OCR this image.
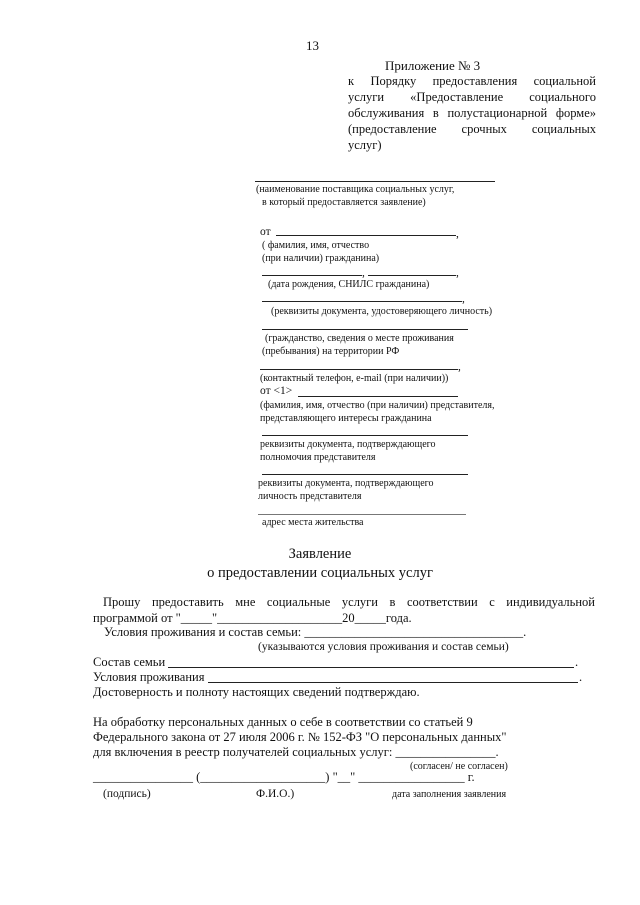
13
Приложение № 3
к Порядку предоставления социальной
услуги «Предоставление социального
обслуживания в полустационарной форме»
(предоставление срочных социальных
услуг)
(наименование поставщика социальных услуг,
в который предоставляется заявление)
от	,
( фамилия, имя, отчество
(при наличии) гражданина)
,	,
(дата рождения, СНИЛС гражданина)
,
(реквизиты документа, удостоверяющего личность)
(гражданство, сведения о месте проживания
(пребывания) на территории РФ
,
(контактный телефон, e-mail (при наличии))
от <1>
(фамилия, имя, отчество (при наличии) представителя,
представляющего интересы гражданина
реквизиты документа, подтверждающего
полномочия представителя
реквизиты документа, подтверждающего
личность представителя
адрес места жительства
Заявление
о предоставлении социальных услуг
Прошу предоставить мне социальные услуги в соответствии с индивидуальной
программой от "_____"____________________20_____года.
Условия проживания и состав семьи: ___________________________________.
(указываются условия проживания и состав семьи)
Состав семьи	.
Условия проживания	.
Достоверность и полноту настоящих сведений подтверждаю.
На обработку персональных данных о себе в соответствии со статьей 9
Федерального закона от 27 июля 2006 г. № 152-ФЗ "О персональных данных"
для включения в реестр получателей социальных услуг: ________________.
(согласен/ не согласен)
________________ (____________________) "__" _________________ г.
(подпись)	Ф.И.О.)	дата заполнения заявления
